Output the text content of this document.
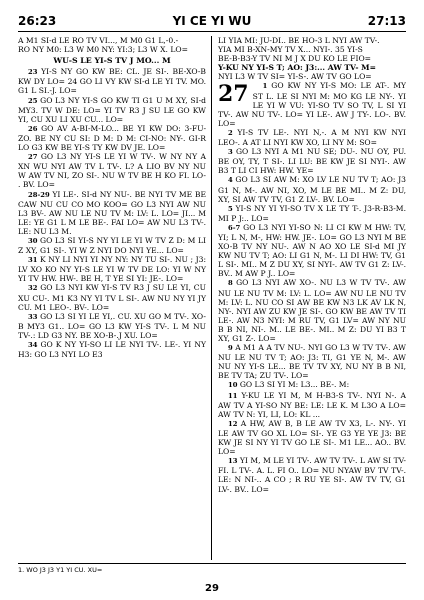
26:23	YI CE YI WU	27:13

A M1 SI-d LE RO TV VI..., M M0 G1 L,-0.-

RO NY M0: L3 W M0 NY: YI:3; L3 W X. LO=

WU-S LE YI-S TV J MO... M

23 YI-S NY GO KW BE: CL. JE SI-. BE-XO-B KW DY LO= 24 GO LI VY KW SI-d LE YI TV. MO. G1 L SI.-J. LO=

25 GO L3 NY YI-S GO KW TI G1 U M XY, SI-d MY3. TV W DE: LO= YI TV R3 J SU LE GO KW YI, CU XU LI XU CU... LO=

26 GO AV A-BI-M-LO... BE YI KW DO: 3-FU-ZO. BE NY CU SI: D M: D M: CI-NO: NY-. GI-R LO G3 KW BE YI-S TY KW DV JE. LO=

27 GO L3 NY YI-S LE YI W TV-. W NY NY A XN WU NYI AW TV L TV-. L? A LIO BV NY NU W AW TV NI, ZO SI-. NU W TV BE H KO FI. LO- . BV. LO=

28-29 YI LE-. SI-d NY NU-. BE NYI TV ME BE CAW NU CU CO MO KOO= GO L3 NYI AW NU L3 BV-. AW NU LE NU TV M: LV: L. LO= JI... M LE: YE G1 L M LE BE-. FAI LO= AW NU L3 TV-. LE: NU L3 M.

30 GO L3 SI YI-S NY YI LE YI W TV Z D: M LI Z XY, G1 SI-. YI W Z NYI DO NYI YE... LO=

31 K NY LI NYI YI NY NY: NY TU SI-. NU ; J3: LV XO KO NY YI-S LE YI W TV DE LO: YI W NY YI TV HW. HW-. BE H, T YE SI YI: JE-. LO=

32 GO L3 NYI KW YI-S TV R3 J SU LE YI, CU XU CU-. M1 K3 NY YI TV L SI-. AW NU NY YI JY CU. M1 LEO-. BV-. LO=

33 GO L3 SI YI LE YI,. CU. XU GO M TV-. XO-B MY3 G1.. LO= GO L3 KW YI-S TV-. L M NU TV-.: LD G3 NY. BE XO-B-.J XU. LO=

34 GO K NY YI-SO LI LE NYI TV-. LE-. YI NY H3: GO L3 NYI LO E3

LI YIA MI: JU-DI.. BE HO-3 L NYI AW TV-.

YIA MI B-XN-MY TV X... NYI-. 35 YI-S

BE-B-B3-Y TV NI M J X DU KO LE FIO=

Y-KU NY YI-S T; AO: J3:... AW TV- M=

NYI L3 W TV SI= YI-S-. AW TV GO LO=

27	1 GO KW NY YI-S MO: LE AT-. MY ST L. LE SI NYI M: MO KG LE NY-. YI LE YI W VU: YI-SO TV SO TV, L SI YI TV-. AW NU TV-. LO= YI LE-. AW J TY-. LO-. BV. LO=

2 YI-S TV LE-. NYI N,-. A M NYI KW NYI LEO-. A AT LI NYI KW XO, LI NY M: SO=

3 GO L3 NYI A M1 NU SE; DU-. NU OY, PU. BE OY, TY, T SI-. LI LU: BE KW JE SI NYI-. AW B3 T LI CI HW: HW. YE=

4 GO L3 SI AW M: XO LV LE NU TV T; AO: J3 G1 N, M-. AW NI, XO, M LE BE MI.. M Z: DU, XY, SI AW TV TV, G1 Z LV-. BV. LO=

5 YI-S NY YI YI-SO TV X LE TY T-. J3-R-B3-M. MI P J:.. LO=

6-7 GO L3 NYI YI-SO N: LI CI KW M HW: TV, YI; L N, M-, HW: HW. JE-. LO= GO L3 NYI M BE XO-B TV NY NU-. AW N AO XO LE SI-d MI JY KW NU TV T; AO: LI G1 N, M-. LI DI HW: TV, G1 L SI-. MI.. M Z DU XY, SI NYI-. AW TV G1 Z: LV-. BV.. M AW P J.. LO=

8 GO L3 NYI AW XO-. NU L3 W TV TV-. AW NU LE NU TV M: LV: L. LO= AW NU LE NU TV M: LV: L. NU CO SI AW BE KW N3 LK AV LK N, NY-. NYI AW ZU KW JE SI-. GO KW BE AW TV TI LE-. AW N3 NYI: M RU TV, G1 LV= AW NY NU B B NI, NI-. M.. LE BE-. MI.. M Z: DU YI B3 T XY, G1 Z-. LO=

9 A M1 A A TV NU-. NYI GO L3 W TV TV-. AW NU LE NU TV T; AO: J3: TI, G1 YE N, M-. AW NU NY YI-S LE... BE TV TV XY, NU NY B B NI, BE TV TA; ZU TV-. LO=

10 GO L3 SI YI M: L3... BE-. M:

11 Y-KU LE YI M, M H-B3-S TV-. NYI N-. A AW TV A YI-SO NY BE: LE: LE K. M L3O A LO= AW TV N: YI, LI, LO: KL ...

12 A HW, AW B, B LE AW TV X3, L-. NY-. YI LE AW TV GO XL LO= SI-. YE G3 YE YE J3: BE KW JE SI NY YI TV GO LE SI-. M1 LE... AO.. BV. LO=

13 YI M, M LE YI TV-. AW TV TV-. L AW SI TV- FI. L TV-. A. L. FI O.. LO= NU NYAW BV TV TV-. LE: N NI-.. A CO ; R RU YE SI-. AW TV TV, G1 LV-. BV.. LO=

1. WO J3 J3 Y1 YI CU. XU=
29
